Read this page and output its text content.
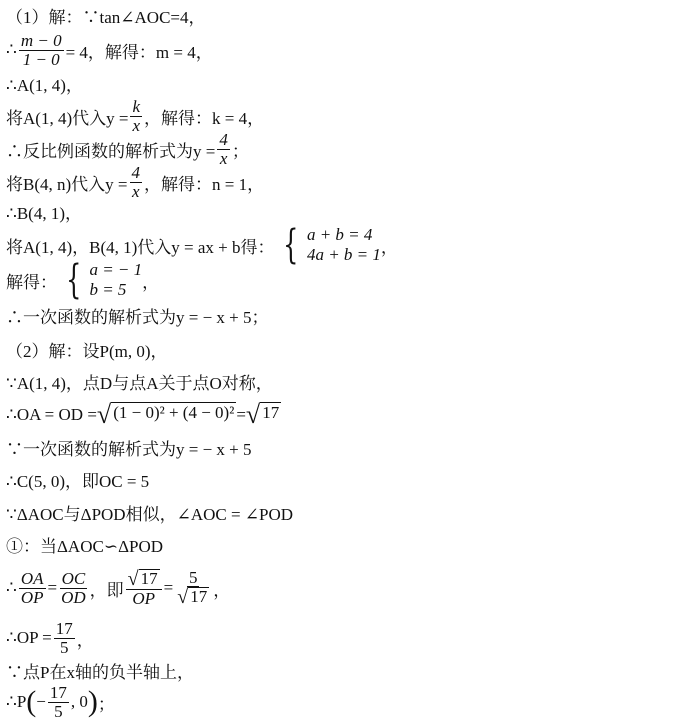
（1）解：∵tan∠AOC=4，
∴ $\frac{m - 0}{1 - 0} = 4$，解得：m = 4，
∴A(1, 4)，
将A(1, 4)代入$y = \frac{k}{x}$ ，解得：k = 4，
∴反比例函数的解析式为$y = \frac{4}{x}$ ；
将B(4, n)代入$y = \frac{4}{x}$ ，解得：n = 1，
∴B(4, 1)，
将A(1, 4)，B(4, 1)代入y = ax + b得： { a + b = 4
4a + b = 1 ，
解得： { a = − 1
b = 5 ，
∴一次函数的解析式为y = − x + 5；
（2）解：设P(m, 0)，
∵A(1, 4)，点D与点A关于点O对称，
∴OA = OD = √ (1 − 0)² + (4 − 0)² = √ 17
∵一次函数的解析式为y = − x + 5
∴C(5, 0)，即OC = 5
∵ΔAOC与ΔPOD相似，∠AOC = ∠POD
①：当ΔAOC∽ΔPOD
∴ $\frac{OA}{OP} = \frac{OC}{OD}$ ，即 $\frac{√ 17}{OP} = \frac{5}{√ 17}$ ，
∴OP = $\frac{17}{5}$ ，
∵点P在x轴的负半轴上，
∴P ( − $\frac{17}{5}$ , 0 ) ；
